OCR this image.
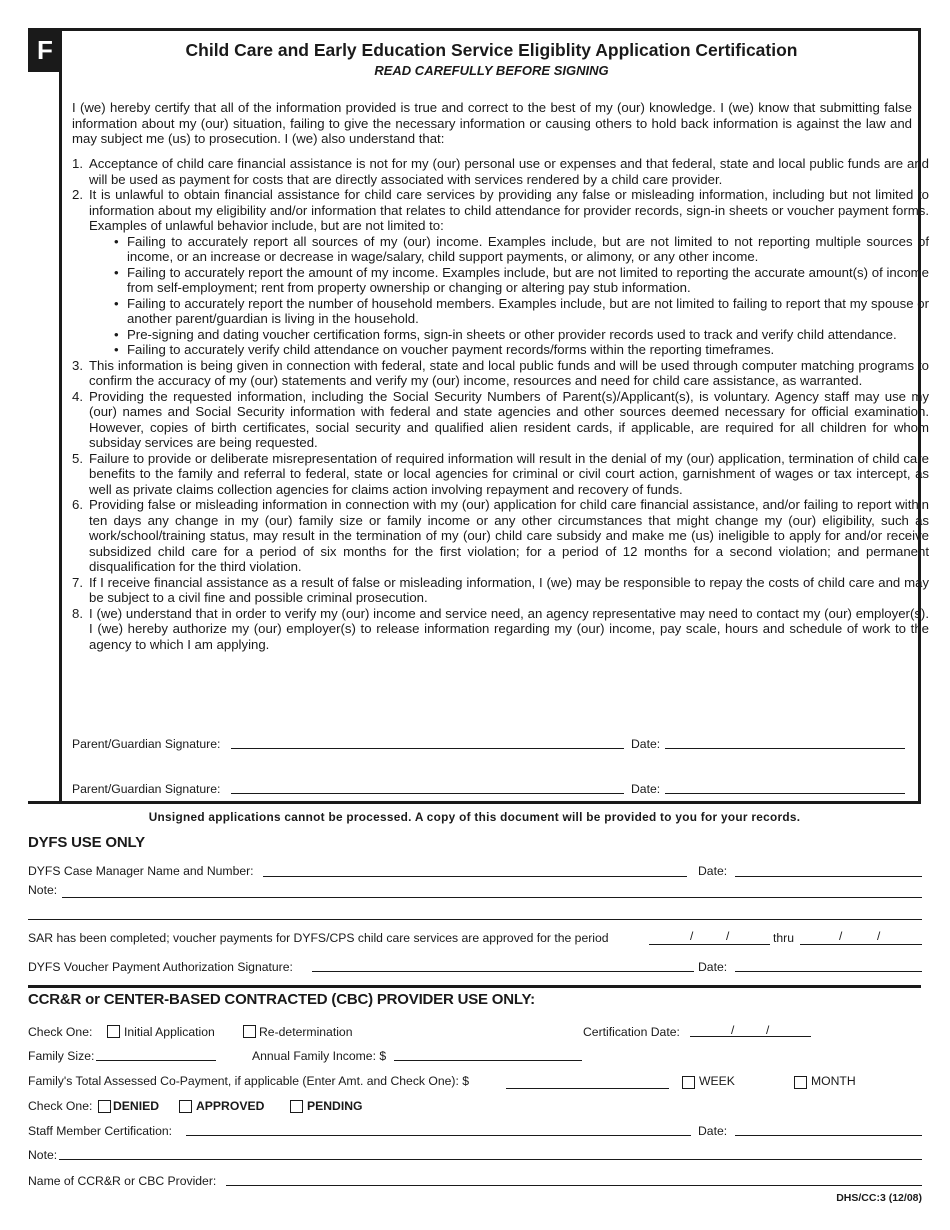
F	Child Care and Early Education Service Eligiblity Application Certification
READ CAREFULLY BEFORE SIGNING
I (we) hereby certify that all of the information provided is true and correct to the best of my (our) knowledge. I (we) know that submitting false information about my (our) situation, failing to give the necessary information or causing others to hold back information is against the law and may subject me (us) to prosecution. I (we) also understand that:
1. Acceptance of child care financial assistance is not for my (our) personal use or expenses and that federal, state and local public funds are and will be used as payment for costs that are directly associated with services rendered by a child care provider.
2. It is unlawful to obtain financial assistance for child care services by providing any false or misleading information, including but not limited to information about my eligibility and/or information that relates to child attendance for provider records, sign-in sheets or voucher payment forms. Examples of unlawful behavior include, but are not limited to:
• Failing to accurately report all sources of my (our) income. Examples include, but are not limited to not reporting multiple sources of income, or an increase or decrease in wage/salary, child support payments, or alimony, or any other income.
• Failing to accurately report the amount of my income. Examples include, but are not limited to reporting the accurate amount(s) of income from self-employment; rent from property ownership or changing or altering pay stub information.
• Failing to accurately report the number of household members. Examples include, but are not limited to failing to report that my spouse or another parent/guardian is living in the household.
• Pre-signing and dating voucher certification forms, sign-in sheets or other provider records used to track and verify child attendance.
• Failing to accurately verify child attendance on voucher payment records/forms within the reporting timeframes.
3. This information is being given in connection with federal, state and local public funds and will be used through computer matching programs to confirm the accuracy of my (our) statements and verify my (our) income, resources and need for child care assistance, as warranted.
4. Providing the requested information, including the Social Security Numbers of Parent(s)/Applicant(s), is voluntary. Agency staff may use my (our) names and Social Security information with federal and state agencies and other sources deemed necessary for official examination. However, copies of birth certificates, social security and qualified alien resident cards, if applicable, are required for all children for whom subsiday services are being requested.
5. Failure to provide or deliberate misrepresentation of required information will result in the denial of my (our) application, termination of child care benefits to the family and referral to federal, state or local agencies for criminal or civil court action, garnishment of wages or tax intercept, as well as private claims collection agencies for claims action involving repayment and recovery of funds.
6. Providing false or misleading information in connection with my (our) application for child care financial assistance, and/or failing to report within ten days any change in my (our) family size or family income or any other circumstances that might change my (our) eligibility, such as work/school/training status, may result in the termination of my (our) child care subsidy and make me (us) ineligible to apply for and/or receive subsidized child care for a period of six months for the first violation; for a period of 12 months for a second violation; and permanent disqualification for the third violation.
7. If I receive financial assistance as a result of false or misleading information, I (we) may be responsible to repay the costs of child care and may be subject to a civil fine and possible criminal prosecution.
8. I (we) understand that in order to verify my (our) income and service need, an agency representative may need to contact my (our) employer(s). I (we) hereby authorize my (our) employer(s) to release information regarding my (our) income, pay scale, hours and schedule of work to the agency to which I am applying.
Parent/Guardian Signature:	Date:
Parent/Guardian Signature:	Date:
Unsigned applications cannot be processed. A copy of this document will be provided to you for your records.
DYFS USE ONLY
DYFS Case Manager Name and Number:	Date:
Note:
SAR has been completed; voucher payments for DYFS/CPS child care services are approved for the period	/	/	thru	/	/
DYFS Voucher Payment Authorization Signature:	Date:
CCR&R or CENTER-BASED CONTRACTED (CBC) PROVIDER USE ONLY:
Check One:	Initial Application	Re-determination	Certification Date:	/	/
Family Size:	Annual Family Income: $
Family's Total Assessed Co-Payment, if applicable (Enter Amt. and Check One): $	WEEK	MONTH
Check One: DENIED	APPROVED	PENDING
Staff Member Certification:	Date:
Note:
Name of CCR&R or CBC Provider:
DHS/CC:3 (12/08)
